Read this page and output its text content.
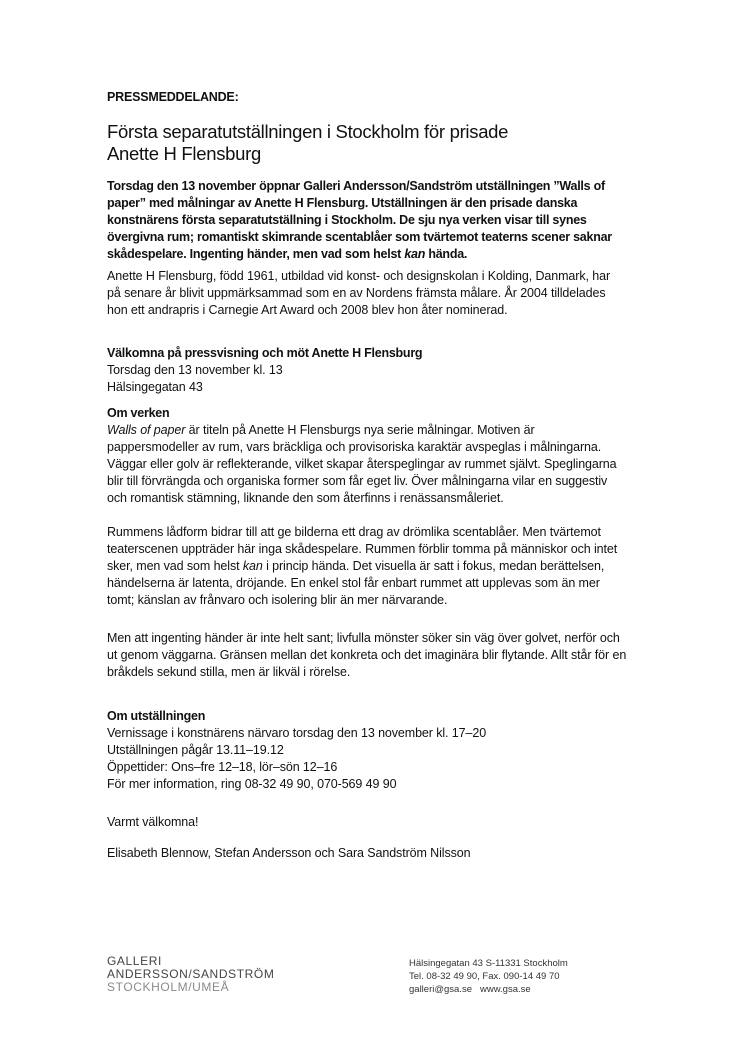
PRESSMEDDELANDE:
Första separatutställningen i Stockholm för prisade
Anette H Flensburg
Torsdag den 13 november öppnar Galleri Andersson/Sandström utställningen ”Walls of paper” med målningar av Anette H Flensburg. Utställningen är den prisade danska konstnärens första separatutställning i Stockholm. De sju nya verken visar till synes övergivna rum; romantiskt skimrande scentablåer som tvärtemot teaterns scener saknar skådespelare. Ingenting händer, men vad som helst kan hända.
Anette H Flensburg, född 1961, utbildad vid konst- och designskolan i Kolding, Danmark, har på senare år blivit uppmärksammad som en av Nordens främsta målare. År 2004 tilldelades hon ett andrapris i Carnegie Art Award och 2008 blev hon åter nominerad.
Välkomna på pressvisning och möt Anette H Flensburg
Torsdag den 13 november kl. 13
Hälsingegatan 43
Om verken
Walls of paper är titeln på Anette H Flensburgs nya serie målningar. Motiven är pappersmodeller av rum, vars bräckliga och provisoriska karaktär avspeglas i målningarna. Väggar eller golv är reflekterande, vilket skapar återspeglingar av rummet självt. Speglingarna blir till förvrängda och organiska former som får eget liv. Över målningarna vilar en suggestiv och romantisk stämning, liknande den som återfinns i renässansmåleriet.
Rummens lådform bidrar till att ge bilderna ett drag av drömlika scentablåer. Men tvärtemot teaterscenen uppträder här inga skådespelare. Rummen förblir tomma på människor och intet sker, men vad som helst kan i princip hända. Det visuella är satt i fokus, medan berättelsen, händelserna är latenta, dröjande. En enkel stol får enbart rummet att upplevas som än mer tomt; känslan av frånvaro och isolering blir än mer närvarande.
Men att ingenting händer är inte helt sant; livfulla mönster söker sin väg över golvet, nerför och ut genom väggarna. Gränsen mellan det konkreta och det imaginära blir flytande. Allt står för en bråkdels sekund stilla, men är likväl i rörelse.
Om utställningen
Vernissage i konstnärens närvaro torsdag den 13 november kl. 17–20
Utställningen pågår 13.11–19.12
Öppettider: Ons–fre 12–18, lör–sön 12–16
För mer information, ring 08-32 49 90, 070-569 49 90
Varmt välkomna!
Elisabeth Blennow, Stefan Andersson och Sara Sandström Nilsson
GALLERI
ANDERSSON/SANDSTRÖM
STOCKHOLM/UMEÅ
Hälsingegatan 43 S-11331 Stockholm
Tel. 08-32 49 90, Fax. 090-14 49 70
galleri@gsa.se www.gsa.se
